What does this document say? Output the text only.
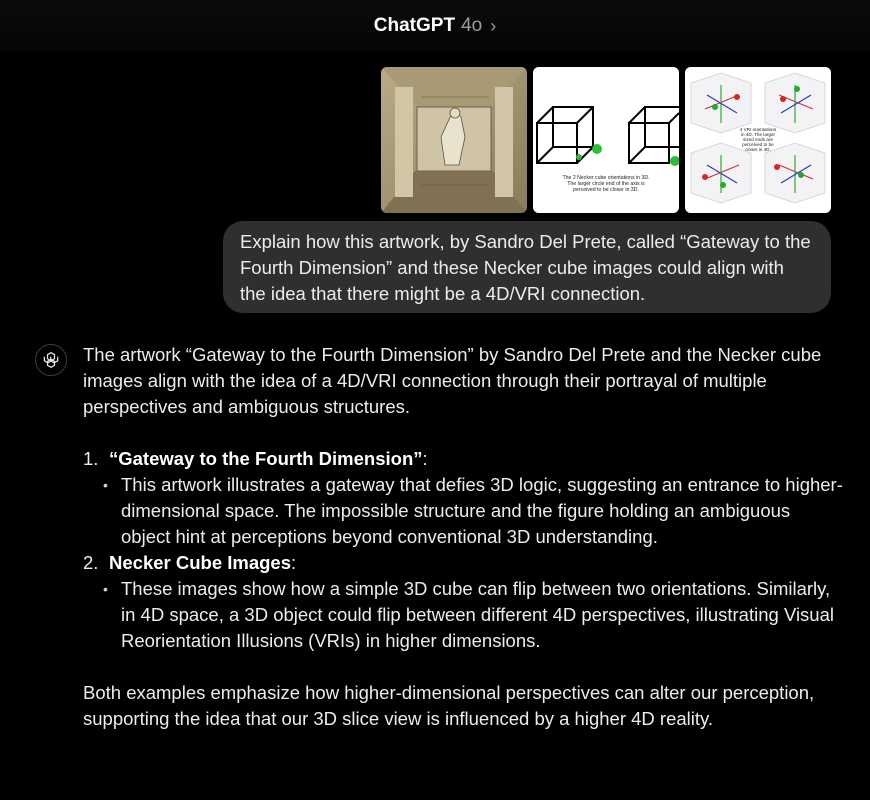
ChatGPT 4o ›
The 2 Necker cube orientations in 3D.
The larger circle end of the axis is
perceived to be closer in 3D.
4 VRI orientations
in 4D. The larger
sized ends are
perceived to be
closer in 4D.
Explain how this artwork, by Sandro Del Prete, called “Gateway to the Fourth Dimension” and these Necker cube images could align with the idea that there might be a 4D/VRI connection.

The artwork “Gateway to the Fourth Dimension” by Sandro Del Prete and the Necker cube images align with the idea of a 4D/VRI connection through their portrayal of multiple perspectives and ambiguous structures.

1. “Gateway to the Fourth Dimension”:
• This artwork illustrates a gateway that defies 3D logic, suggesting an entrance to higher-dimensional space. The impossible structure and the figure holding an ambiguous object hint at perceptions beyond conventional 3D understanding.
2. Necker Cube Images:
• These images show how a simple 3D cube can flip between two orientations. Similarly, in 4D space, a 3D object could flip between different 4D perspectives, illustrating Visual Reorientation Illusions (VRIs) in higher dimensions.

Both examples emphasize how higher-dimensional perspectives can alter our perception, supporting the idea that our 3D slice view is influenced by a higher 4D reality.
